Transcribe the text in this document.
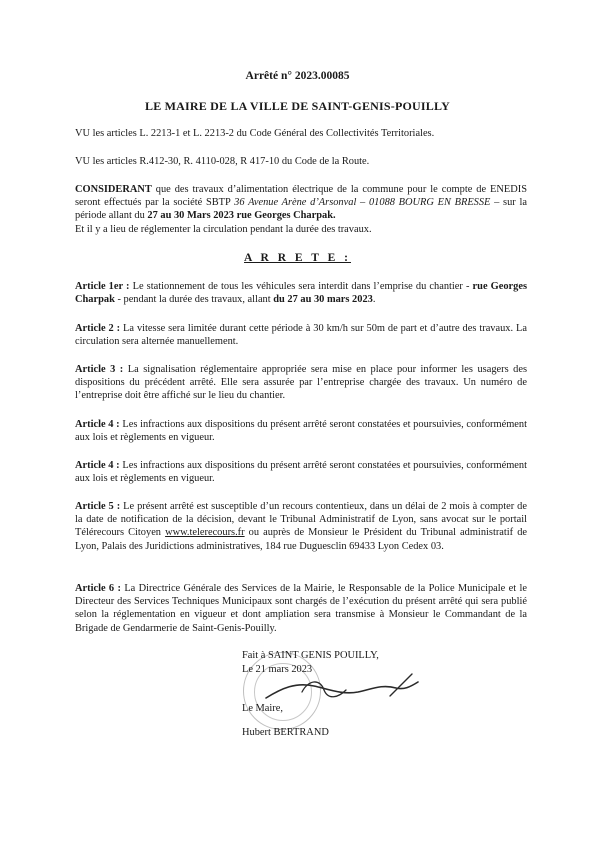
Arrêté n° 2023.00085
LE MAIRE DE LA VILLE DE SAINT-GENIS-POUILLY
VU les articles L. 2213-1 et L. 2213-2 du Code Général des Collectivités Territoriales.
VU les articles R.412-30, R. 4110-028, R 417-10 du Code de la Route.
CONSIDERANT que des travaux d’alimentation électrique de la commune pour le compte de ENEDIS seront effectués par la société SBTP 36 Avenue Arène d’Arsonval – 01088 BOURG EN BRESSE – sur la période allant du 27 au 30 Mars 2023 rue Georges Charpak.
Et il y a lieu de réglementer la circulation pendant la durée des travaux.
A R R E T E :
Article 1er : Le stationnement de tous les véhicules sera interdit dans l’emprise du chantier - rue Georges Charpak - pendant la durée des travaux, allant du 27 au 30 mars 2023.
Article 2 : La vitesse sera limitée durant cette période à 30 km/h sur 50m de part et d’autre des travaux. La circulation sera alternée manuellement.
Article 3 : La signalisation réglementaire appropriée sera mise en place pour informer les usagers des dispositions du précédent arrêté. Elle sera assurée par l’entreprise chargée des travaux. Un numéro de l’entreprise doit être affiché sur le lieu du chantier.
Article 4 : Les infractions aux dispositions du présent arrêté seront constatées et poursuivies, conformément aux lois et règlements en vigueur.
Article 4 : Les infractions aux dispositions du présent arrêté seront constatées et poursuivies, conformément aux lois et règlements en vigueur.
Article 5 : Le présent arrêté est susceptible d’un recours contentieux, dans un délai de 2 mois à compter de la date de notification de la décision, devant le Tribunal Administratif de Lyon, sans avocat sur le portail Télérecours Citoyen www.telerecours.fr ou auprès de Monsieur le Président du Tribunal administratif de Lyon, Palais des Juridictions administratives, 184 rue Duguesclin 69433 Lyon Cedex 03.
Article 6 : La Directrice Générale des Services de la Mairie, le Responsable de la Police Municipale et le Directeur des Services Techniques Municipaux sont chargés de l’exécution du présent arrêté qui sera publié selon la réglementation en vigueur et dont ampliation sera transmise à Monsieur le Commandant de la Brigade de Gendarmerie de Saint-Genis-Pouilly.
Fait à SAINT GENIS POUILLY,
Le 21 mars 2023
Le Maire,
Hubert BERTRAND
